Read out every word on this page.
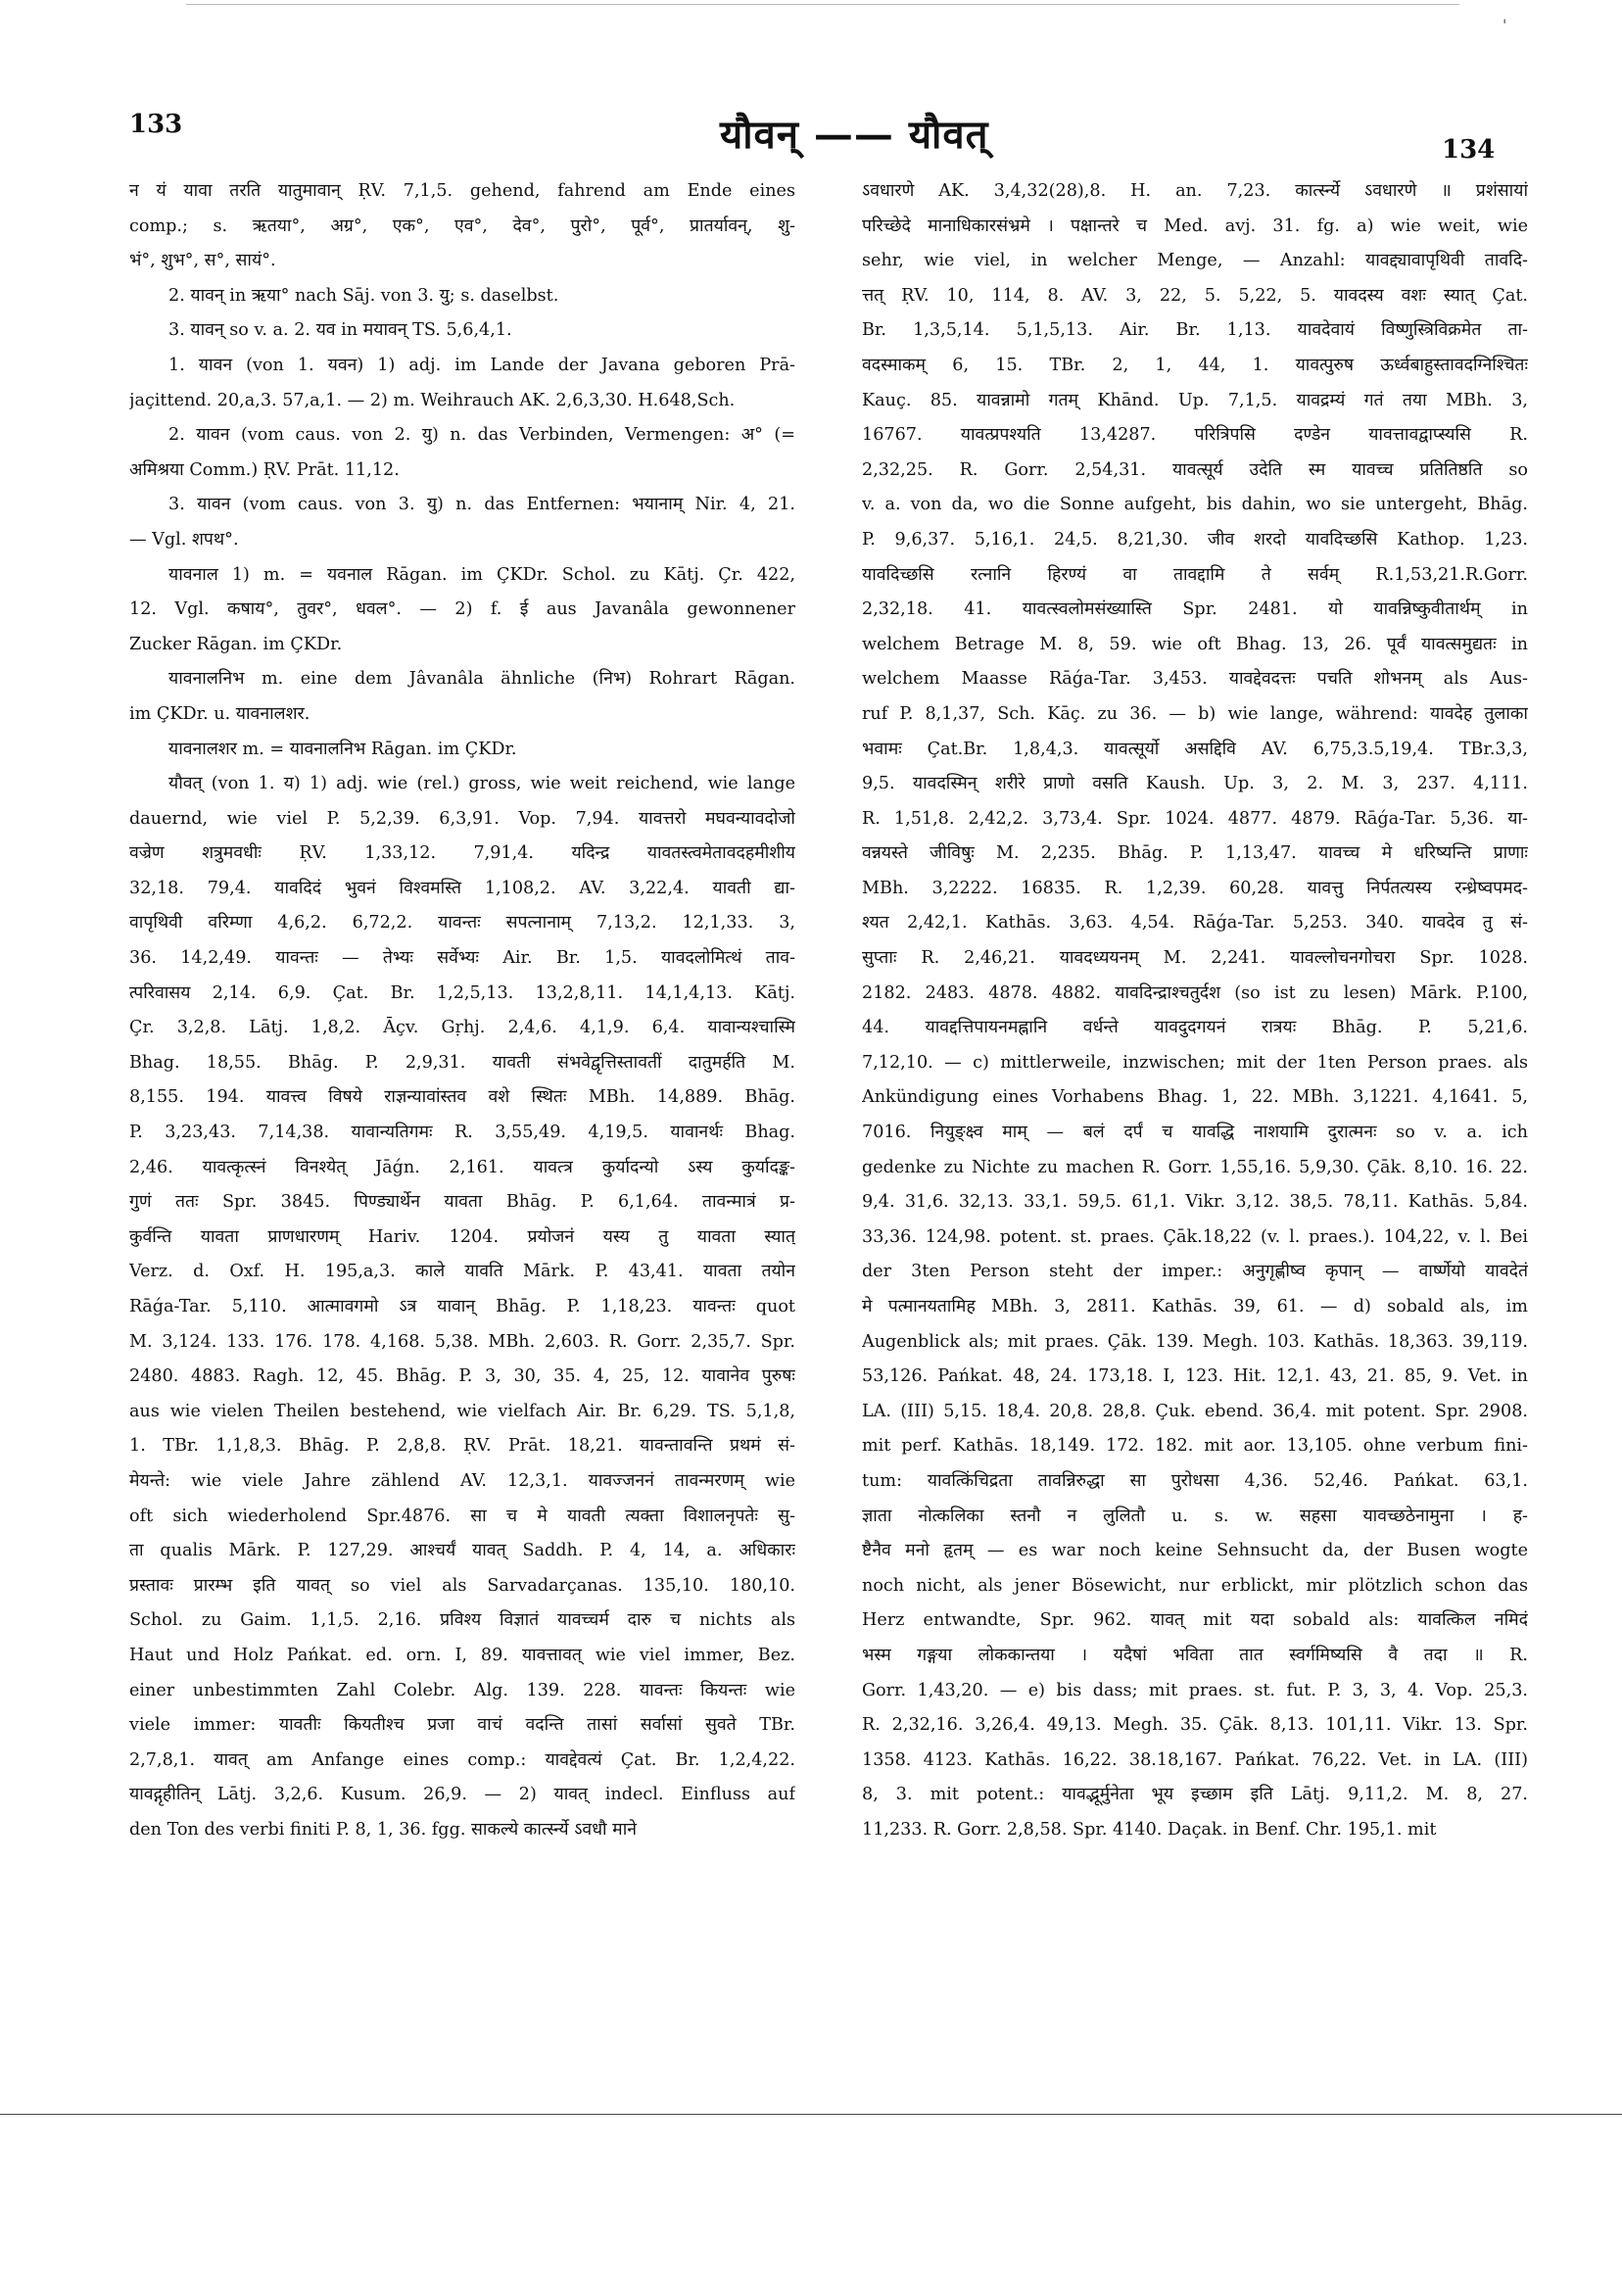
'
133	यौवन् —— यौवत्	134
न यं यावा तरति यातुमावान् ṚV. 7,1,5. gehend, fahrend am Ende eines
comp.; s. ऋतया°, अग्र°, एक°, एव°, देव°, पुरो°, पूर्व°, प्रातर्यावन्, शु-
भं°, शुभ°, स°, सायं°.
2. यावन् in ऋया° nach Sāj. von 3. यु; s. daselbst.
3. यावन् so v. a. 2. यव in मयावन् TS. 5,6,4,1.
1. यावन (von 1. यवन) 1) adj. im Lande der Javana geboren Prā-
jaçittend. 20,a,3. 57,a,1. — 2) m. Weihrauch AK. 2,6,3,30. H.648,Sch.
2. यावन (vom caus. von 2. यु) n. das Verbinden, Vermengen: अ° (=
अमिश्रया Comm.) ṚV. Prāt. 11,12.
3. यावन (vom caus. von 3. यु) n. das Entfernen: भयानाम् Nir. 4, 21.
— Vgl. शपथ°.
यावनाल 1) m. = यवनाल Rāgan. im ÇKDr. Schol. zu Kātj. Çr. 422,
12. Vgl. कषाय°, तुवर°, धवल°. — 2) f. ई aus Javanâla gewonnener
Zucker Rāgan. im ÇKDr.
यावनालनिभ m. eine dem Jâvanâla ähnliche (निभ) Rohrart Rāgan.
im ÇKDr. u. यावनालशर.
यावनालशर m. = यावनालनिभ Rāgan. im ÇKDr.
यौवत् (von 1. य) 1) adj. wie (rel.) gross, wie weit reichend, wie lange
dauernd, wie viel P. 5,2,39. 6,3,91. Vop. 7,94. यावत्तरो मघवन्यावदोजो
वज्रेण शत्रुमवधीः ṚV. 1,33,12. 7,91,4. यदिन्द्र यावतस्त्वमेतावदहमीशीय
32,18. 79,4. यावदिदं भुवनं विश्वमस्ति 1,108,2. AV. 3,22,4. यावती द्या-
वापृथिवी वरिम्णा 4,6,2. 6,72,2. यावन्तः सपत्नानाम् 7,13,2. 12,1,33. 3,
36. 14,2,49. यावन्तः — तेभ्यः सर्वेभ्यः Air. Br. 1,5. यावदलोमित्थं ताव-
त्परिवासय 2,14. 6,9. Çat. Br. 1,2,5,13. 13,2,8,11. 14,1,4,13. Kātj.
Çr. 3,2,8. Lātj. 1,8,2. Āçv. Gṛhj. 2,4,6. 4,1,9. 6,4. यावान्यश्चास्मि
Bhag. 18,55. Bhāg. P. 2,9,31. यावती संभवेद्वृत्तिस्तावतीं दातुमर्हति M.
8,155. 194. यावत्त्व विषये राज्ञन्यावांस्तव वशे स्थितः MBh. 14,889. Bhāg.
P. 3,23,43. 7,14,38. यावान्यतिगमः R. 3,55,49. 4,19,5. यावानर्थः Bhag.
2,46. यावत्कृत्स्नं विनश्येत् Jāǵn. 2,161. यावत्त्र कुर्यादन्यो ऽस्य कुर्यादङ्क-
गुणं ततः Spr. 3845. पिण्ड्यार्थेन यावता Bhāg. P. 6,1,64. तावन्मात्रं प्र-
कुर्वन्ति यावता प्राणधारणम् Hariv. 1204. प्रयोजनं यस्य तु यावता स्यात्
Verz. d. Oxf. H. 195,a,3. काले यावति Mārk. P. 43,41. यावता तयोन
Rāǵa-Tar. 5,110. आत्मावगमो ऽत्र यावान् Bhāg. P. 1,18,23. यावन्तः quot
M. 3,124. 133. 176. 178. 4,168. 5,38. MBh. 2,603. R. Gorr. 2,35,7. Spr.
2480. 4883. Ragh. 12, 45. Bhāg. P. 3, 30, 35. 4, 25, 12. यावानेव पुरुषः
aus wie vielen Theilen bestehend, wie vielfach Air. Br. 6,29. TS. 5,1,8,
1. TBr. 1,1,8,3. Bhāg. P. 2,8,8. ṚV. Prāt. 18,21. यावन्तावन्ति प्रथमं सं-
मेयन्ते: wie viele Jahre zählend AV. 12,3,1. यावज्जननं तावन्मरणम् wie
oft sich wiederholend Spr.4876. सा च मे यावती त्यक्ता विशालनृपतेः सु-
ता qualis Mārk. P. 127,29. आश्चर्यं यावत् Saddh. P. 4, 14, a. अधिकारः
प्रस्तावः प्रारम्भ इति यावत् so viel als Sarvadarçanas. 135,10. 180,10.
Schol. zu Gaim. 1,1,5. 2,16. प्रविश्य विज्ञातं यावच्चर्म दारु च nichts als
Haut und Holz Pańkat. ed. orn. I, 89. यावत्तावत् wie viel immer, Bez.
einer unbestimmten Zahl Colebr. Alg. 139. 228. यावन्तः कियन्तः wie
viele immer: यावतीः कियतीश्च प्रजा वाचं वदन्ति तासां सर्वासां सुवते TBr.
2,7,8,1. यावत् am Anfange eines comp.: यावद्देवत्यं Çat. Br. 1,2,4,22.
यावद्गृहीतिन् Lātj. 3,2,6. Kusum. 26,9. — 2) यावत् indecl. Einfluss auf
den Ton des verbi finiti P. 8, 1, 36. fgg. साकल्ये कार्त्स्न्ये ऽवधौ माने
ऽवधारणे AK. 3,4,32(28),8. H. an. 7,23. कार्त्स्न्ये ऽवधारणे ॥ प्रशंसायां
परिच्छेदे मानाधिकारसंभ्रमे । पक्षान्तरे च Med. avj. 31. fg. a) wie weit, wie
sehr, wie viel, in welcher Menge, — Anzahl: यावद्द्यावापृथिवी तावदि-
त्तत् ṚV. 10, 114, 8. AV. 3, 22, 5. 5,22, 5. यावदस्य वशः स्यात् Çat.
Br. 1,3,5,14. 5,1,5,13. Air. Br. 1,13. यावदेवायं विष्णुस्त्रिविक्रमेत ता-
वदस्माकम् 6, 15. TBr. 2, 1, 44, 1. यावत्पुरुष ऊर्ध्वबाहुस्तावदग्निश्चितः
Kauç. 85. यावन्नामो गतम् Khānd. Up. 7,1,5. यावद्रम्यं गतं तया MBh. 3,
16767. यावत्प्रपश्यति 13,4287. परित्रिपसि दण्डेन यावत्तावद्वाप्स्यसि R.
2,32,25. R. Gorr. 2,54,31. यावत्सूर्य उदेति स्म यावच्च प्रतितिष्ठति so
v. a. von da, wo die Sonne aufgeht, bis dahin, wo sie untergeht, Bhāg.
P. 9,6,37. 5,16,1. 24,5. 8,21,30. जीव शरदो यावदिच्छसि Kathop. 1,23.
यावदिच्छसि रत्नानि हिरण्यं वा तावद्दामि ते सर्वम् R.1,53,21.R.Gorr.
2,32,18. 41. यावत्स्वलोमसंख्यास्ति Spr. 2481. यो यावन्निष्कुवीतार्थम् in
welchem Betrage M. 8, 59. wie oft Bhag. 13, 26. पूर्वं यावत्समुद्यतः in
welchem Maasse Rāǵa-Tar. 3,453. यावद्देवदत्तः पचति शोभनम् als Aus-
ruf P. 8,1,37, Sch. Kāç. zu 36. — b) wie lange, während: यावदेह तुलाका
भवामः Çat.Br. 1,8,4,3. यावत्सूर्यो असद्दिवि AV. 6,75,3.5,19,4. TBr.3,3,
9,5. यावदस्मिन् शरीरे प्राणो वसति Kaush. Up. 3, 2. M. 3, 237. 4,111.
R. 1,51,8. 2,42,2. 3,73,4. Spr. 1024. 4877. 4879. Rāǵa-Tar. 5,36. या-
वन्नयस्ते जीविषुः M. 2,235. Bhāg. P. 1,13,47. यावच्च मे धरिष्यन्ति प्राणाः
MBh. 3,2222. 16835. R. 1,2,39. 60,28. यावत्तु निर्पतत्यस्य रन्ध्रेष्वपमद-
श्यत 2,42,1. Kathās. 3,63. 4,54. Rāǵa-Tar. 5,253. 340. यावदेव तु सं-
सुप्ताः R. 2,46,21. यावदध्ययनम् M. 2,241. यावल्लोचनगोचरा Spr. 1028.
2182. 2483. 4878. 4882. यावदिन्द्राश्चतुर्दश (so ist zu lesen) Mārk. P.100,
44. यावद्दत्तिपायनमह्नानि वर्धन्ते यावदुदगयनं रात्रयः Bhāg. P. 5,21,6.
7,12,10. — c) mittlerweile, inzwischen; mit der 1ten Person praes. als
Ankündigung eines Vorhabens Bhag. 1, 22. MBh. 3,1221. 4,1641. 5,
7016. नियुङ्क्ष्व माम् — बलं दर्पं च यावद्धि नाशयामि दुरात्मनः so v. a. ich
gedenke zu Nichte zu machen R. Gorr. 1,55,16. 5,9,30. Çāk. 8,10. 16. 22.
9,4. 31,6. 32,13. 33,1. 59,5. 61,1. Vikr. 3,12. 38,5. 78,11. Kathās. 5,84.
33,36. 124,98. potent. st. praes. Çāk.18,22 (v. l. praes.). 104,22, v. l. Bei
der 3ten Person steht der imper.: अनुगृह्णीष्व कृपान् — वार्ष्णेयो यावदेतं
मे पत्मानयतामिह MBh. 3, 2811. Kathās. 39, 61. — d) sobald als, im
Augenblick als; mit praes. Çāk. 139. Megh. 103. Kathās. 18,363. 39,119.
53,126. Pańkat. 48, 24. 173,18. I, 123. Hit. 12,1. 43, 21. 85, 9. Vet. in
LA. (III) 5,15. 18,4. 20,8. 28,8. Çuk. ebend. 36,4. mit potent. Spr. 2908.
mit perf. Kathās. 18,149. 172. 182. mit aor. 13,105. ohne verbum fini-
tum: यावत्किंचिद्रता तावन्निरुद्धा सा पुरोधसा 4,36. 52,46. Pańkat. 63,1.
ज्ञाता नोत्कलिका स्तनौ न लुलितौ u. s. w. सहसा यावच्छठेनामुना । ह-
ष्टैनैव मनो हृतम् — es war noch keine Sehnsucht da, der Busen wogte
noch nicht, als jener Bösewicht, nur erblickt, mir plötzlich schon das
Herz entwandte, Spr. 962. यावत् mit यदा sobald als: यावत्किल नमिदं
भस्म गङ्गया लोककान्तया । यदैषां भविता तात स्वर्गमिष्यसि वै तदा ॥ R.
Gorr. 1,43,20. — e) bis dass; mit praes. st. fut. P. 3, 3, 4. Vop. 25,3.
R. 2,32,16. 3,26,4. 49,13. Megh. 35. Çāk. 8,13. 101,11. Vikr. 13. Spr.
1358. 4123. Kathās. 16,22. 38.18,167. Pańkat. 76,22. Vet. in LA. (III)
8, 3. mit potent.: यावद्भूर्मुनेता भूय इच्छाम इति Lātj. 9,11,2. M. 8, 27.
11,233. R. Gorr. 2,8,58. Spr. 4140. Daçak. in Benf. Chr. 195,1. mit
